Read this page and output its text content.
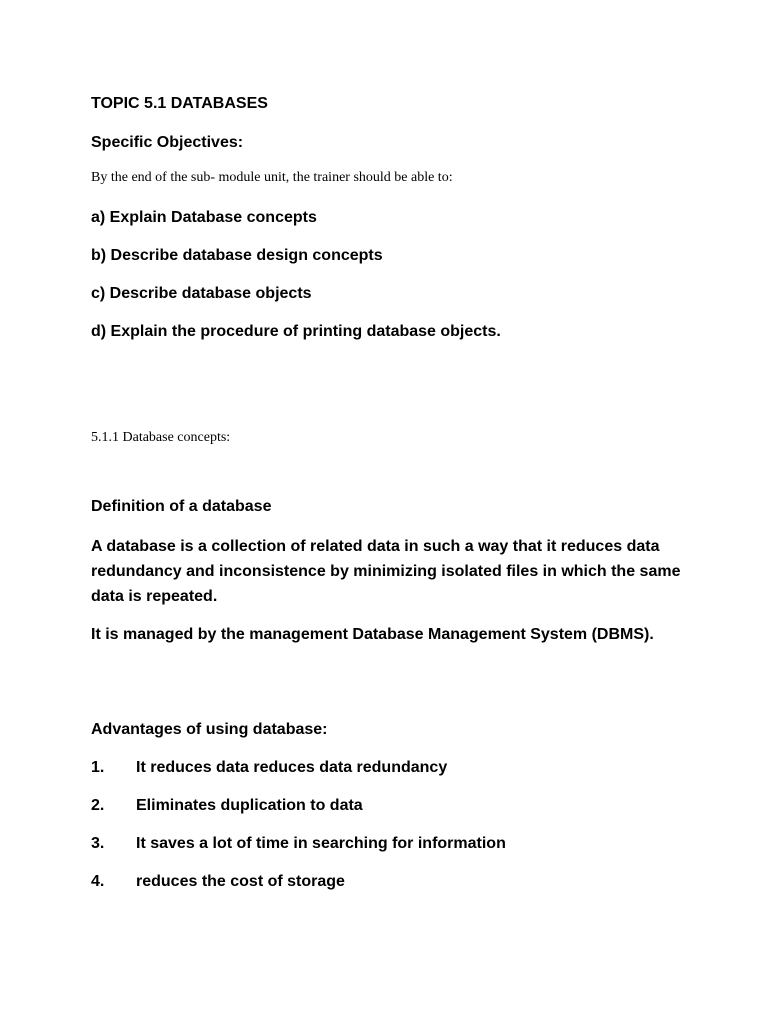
TOPIC 5.1 DATABASES

Specific Objectives:

By the end of the sub- module unit, the trainer should be able to:

a) Explain Database concepts

b) Describe database design concepts

c) Describe database objects

d) Explain the procedure of printing database objects.

5.1.1 Database concepts:

Definition of a database

A database is a collection of related data in such a way that it reduces data redundancy and inconsistence by minimizing isolated files in which the same data is repeated.

It is managed by the management Database Management System (DBMS).

Advantages of using database:

1. It reduces data reduces data redundancy

2. Eliminates duplication to data

3. It saves a lot of time in searching for information

4. reduces the cost of storage
